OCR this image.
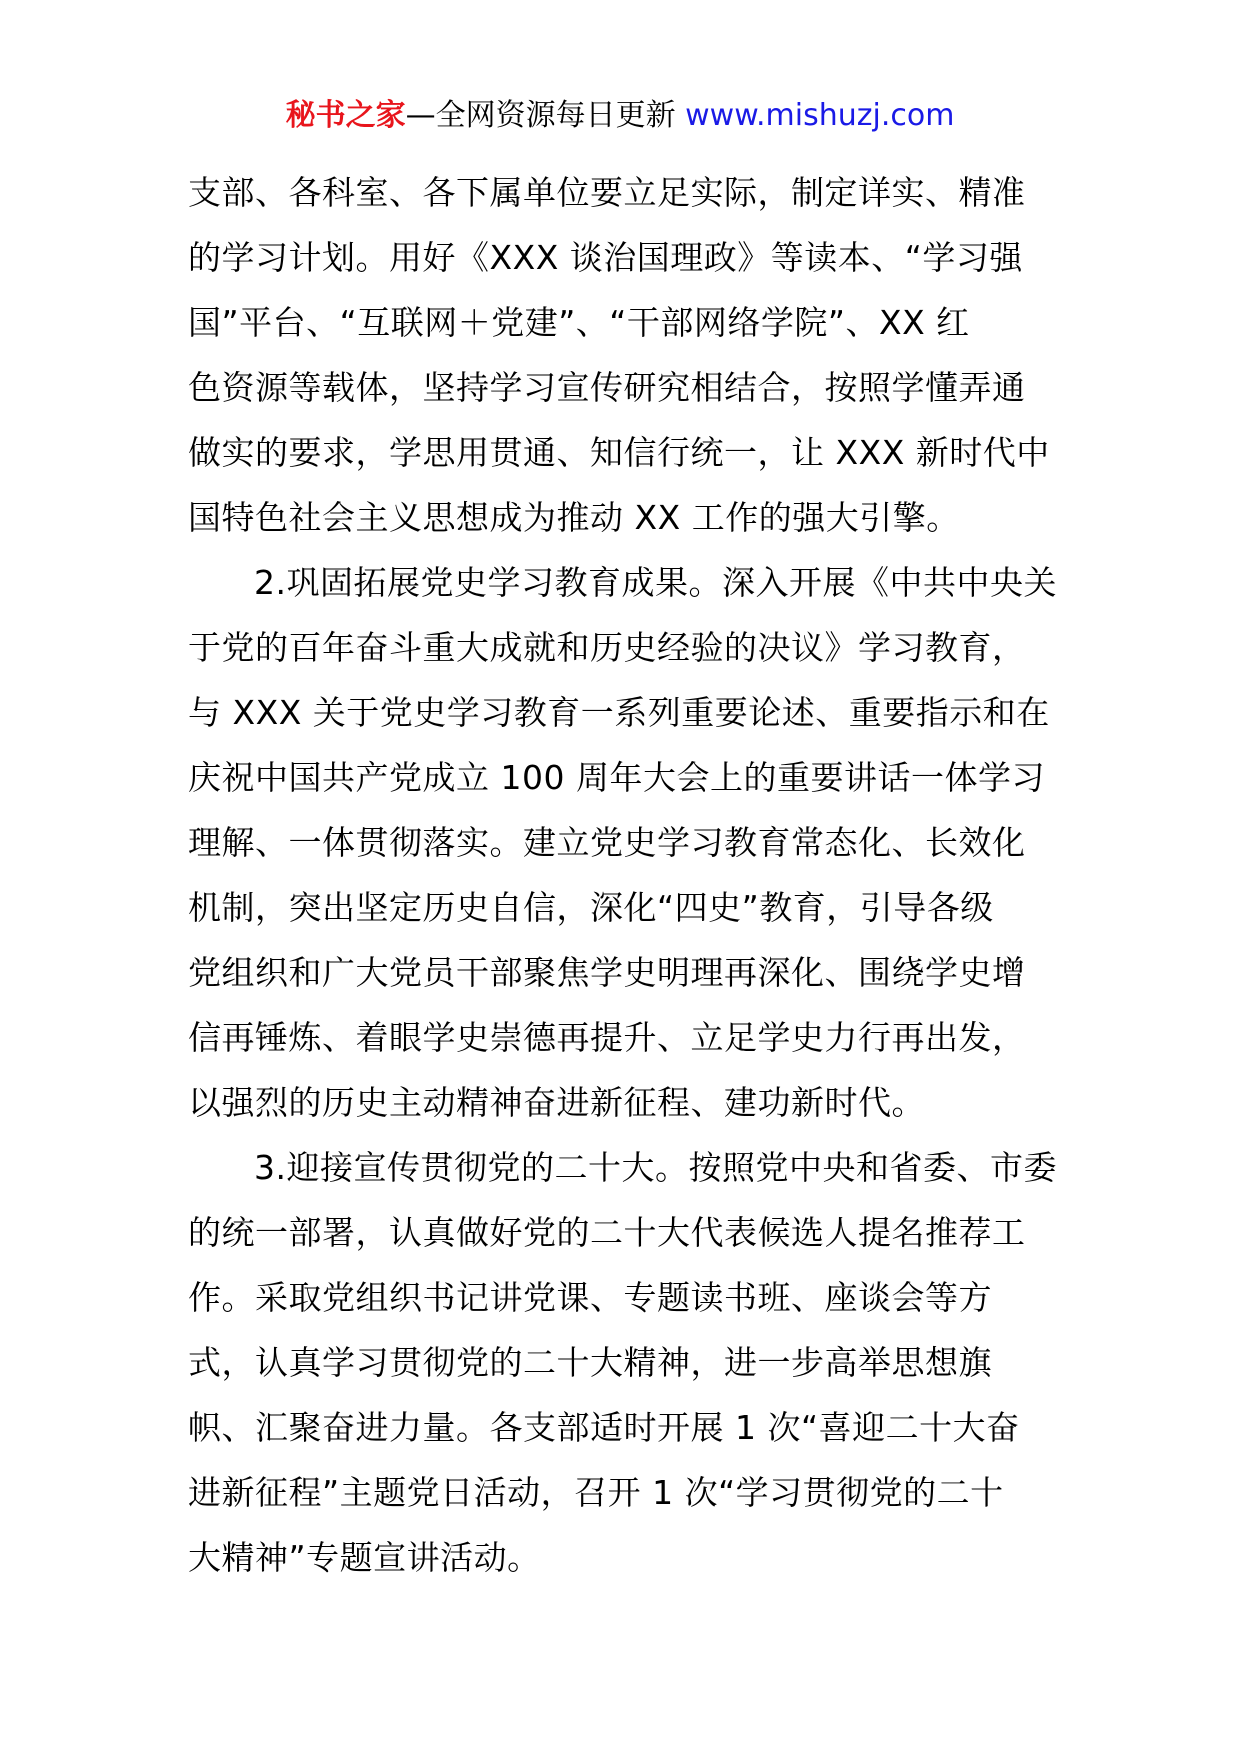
秘书之家—全网资源每日更新 www.mishuzj.com
支部、各科室、各下属单位要立足实际，制定详实、精准
的学习计划。用好《XXX 谈治国理政》等读本、“学习强
国”平台、“互联网＋党建”、“干部网络学院”、XX 红
色资源等载体，坚持学习宣传研究相结合，按照学懂弄通
做实的要求，学思用贯通、知信行统一，让 XXX 新时代中
国特色社会主义思想成为推动 XX 工作的强大引擎。
2.巩固拓展党史学习教育成果。深入开展《中共中央关
于党的百年奋斗重大成就和历史经验的决议》学习教育，
与 XXX 关于党史学习教育一系列重要论述、重要指示和在
庆祝中国共产党成立 100 周年大会上的重要讲话一体学习
理解、一体贯彻落实。建立党史学习教育常态化、长效化
机制，突出坚定历史自信，深化“四史”教育，引导各级
党组织和广大党员干部聚焦学史明理再深化、围绕学史增
信再锤炼、着眼学史崇德再提升、立足学史力行再出发，
以强烈的历史主动精神奋进新征程、建功新时代。
3.迎接宣传贯彻党的二十大。按照党中央和省委、市委
的统一部署，认真做好党的二十大代表候选人提名推荐工
作。采取党组织书记讲党课、专题读书班、座谈会等方
式，认真学习贯彻党的二十大精神，进一步高举思想旗
帜、汇聚奋进力量。各支部适时开展 1 次“喜迎二十大奋
进新征程”主题党日活动，召开 1 次“学习贯彻党的二十
大精神”专题宣讲活动。
